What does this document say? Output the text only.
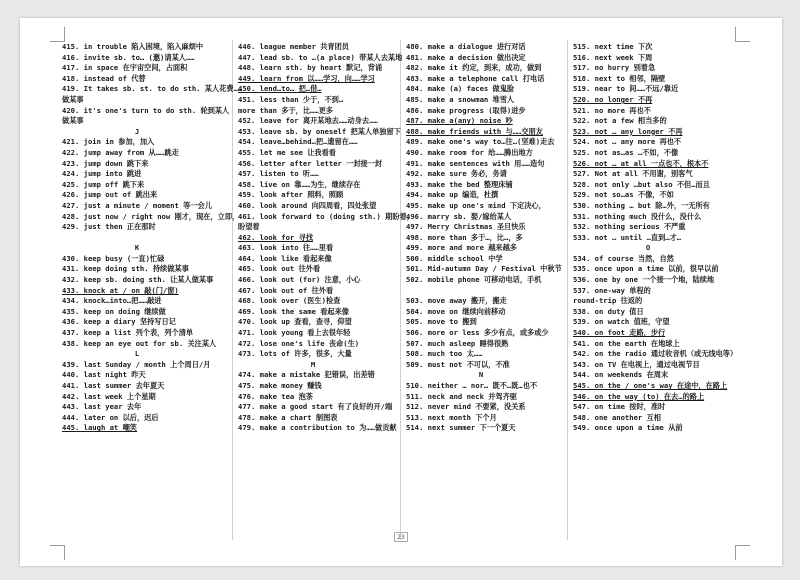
415. in trouble 陷入困境，陷入麻烦中
416. invite sb. to… (邀)请某人……
417. in space 在宇宙空间，占面积
418. instead of 代替
419. It takes sb. st. to do sth. 某人花费……
做某事
420. it's one's turn to do sth. 轮到某人
做某事
J
421. join in 参加，加入
422. jump away from 从……跳走
423. jump down 跳下来
424. jump into 跳进
425. jump off 跳下来
426. jump out of 跳出来
427. just a minute / moment 等一会儿
428. just now / right now 刚才，现在，立即，
429. just then 正在那时
K
430. keep busy (一直)忙碌
431. keep doing sth. 持续做某事
432. keep sb. doing sth. 让某人做某事
433. knock at / on 敲(门/窗)
434. knock…into…把……敲进
435. keep on doing 继续做
436. keep a diary 坚持写日记
437. keep a list 列个表，列个清单
438. keep an eye out for sb. 关注某人
L
439. last Sunday / month 上个周日/月
440. last night 昨天
441. last summer 去年夏天
442. last week 上个星期
443. last year 去年
444. later on 以后，迟后
445. laugh at 嘲笑
446. league member 共青团员
447. lead sb. to …(a place) 带某人去某地
448. learn sth. by heart 默记，背诵
449. learn from 以……学习，向……学习
450. lend…to… 把…借…
451. less than 少于，不到…
more than 多于，比……更多
452. leave for 离开某地去……动身去……
453. leave sb. by oneself 把某人单独留下
454. leave…behind…把…遗留在……
455. let me see 让我看看
456. letter after letter 一封接一封
457. listen to 听……
458. live on 靠……为生，继续存在
459. look after 照料，照顾
460. look around 向四周看，四处张望
461. look forward to (doing sth.) 期盼着，
盼望着
462. look for 寻找
463. look into 往……里看
464. look like 看起来像
465. look out 往外看
466. look out (for) 注意，小心
467. look out of 往外看
468. look over (医生)检查
469. look the same 看起来像
470. look up 查看，查寻，仰望
471. look young 看上去很年轻
472. lose one's life 丧命(生)
473. lots of 许多，很多，大量
M
474. make a mistake 犯错误，出差错
475. make money 赚钱
476. make tea 泡茶
477. make a good start 有了良好的开/端
478. make a chart 制图表
479. make a contribution to 为……做贡献
480. make a dialogue 进行对话
481. make a decision 做出决定
482. make it 约定，到来，成功，做到
483. make a telephone call 打电话
484. make (a) faces 做鬼脸
485. make a snowman 堆雪人
486. make progress (取得)进步
487. make a(any) noise 吵
488. make friends with 与……交朋友
489. make one's way to…往…(坚难)走去
490. make room for 给……腾出地方
491. make sentences with 用……造句
492. make sure 务必，务请
493. make the bed 整理床铺
494. make up 编造，杜撰
495. make up one's mind 下定决心，
496. marry sb. 娶/嫁给某人
497. Merry Christmas 圣旦快乐
498. more than 多于…，比…，多
499. more and more 越来越多
500. middle school 中学
501. Mid-autumn Day / Festival 中秋节
502. mobile phone 可移动电话，手机
503. move away 搬开，搬走
504. move on 继续向前移动
505. move to 搬到
506. more or less 多少有点，或多或少
507. much asleep 睡得很熟
508. much too 太……
509. must not 不可以，不准
N
510. neither … nor… 既不…既…也不
511. neck and neck 并驾齐驱
512. never mind 不要紧，没关系
513. next month 下个月
514. next summer 下一个夏天
515. next time 下次
516. next week 下周
517. no hurry 别着急
518. next to 相邻，隔壁
519. near to 间……不远/靠近
520. no longer 不再
521. no more 再也不
522. not a few 相当多的
523. not … any longer 不再
524. not … any more 再也不
525. not as…as …不如，不像
526. not … at all 一点也不，根本不
527. Not at all 不用谢，别客气
528. not only …but also 不但…而且
529. not so…as 不像，不如
530. nothing … but 除…外，一无所有
531. nothing much 没什么，没什么
532. nothing serious 不严重
533. not … until …直到…才…
O
534. of course 当然，自然
535. once upon a time 以前，很早以前
536. one by one 一个接一个地，陆续地
537. one-way 单程的
round-trip 往返的
538. on duty 值日
539. on watch 值班，守望
540. on foot 走路，步行
541. on the earth 在地球上
542. on the radio 通过收音机（或无线电等）
543. on TV 在电视上，通过电视节目
544. on weekends 在周末
545. on the / one's way 在途中，在路上
546. on the way (to) 在去…的路上
547. on time 按时，准时
548. one another 互相
549. once upon a time 从前
23
